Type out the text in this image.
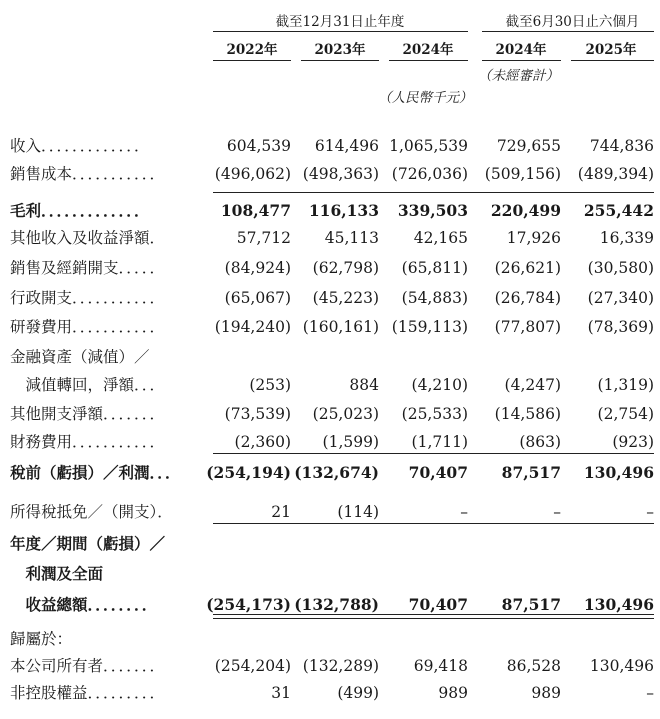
截至12月31日止年度	截至6月30日止六個月
2022年	2023年	2024年	2024年	2025年
（未經審計）
（人民幣千元）
收入．．．．．．．．．．．．．	604,539 614,496 1,065,539 729,655 744,836
銷售成本．．．．．．．．．．．	(496,062) (498,363) (726,036) (509,156) (489,394)
毛利．．．．．．．．．．．．．	108,477 116,133 339,503 220,499 255,442
其他收入及收益淨額．	57,712 45,113 42,165	17,926	16,339
銷售及經銷開支．．．．．	(84,924) (62,798) (65,811) (26,621) (30,580)
行政開支．．．．．．．．．．．	(65,067) (45,223) (54,883) (26,784) (27,340)
研發費用．．．．．．．．．．．	(194,240) (160,161) (159,113) (77,807) (78,369)
金融資產（減值）／
　減值轉回，淨額．．．	(253)	884 (4,210) (4,247) (1,319)
其他開支淨額．．．．．．．	(73,539) (25,023) (25,533) (14,586) (2,754)
財務費用．．．．．．．．．．．	(2,360) (1,599) (1,711)	(863)	(923)
稅前（虧損）／利潤．．． (254,194) (132,674) 70,407 87,517 130,496
所得稅抵免／（開支）．	21	(114)	–	–	–
年度／期間（虧損）／
　利潤及全面
　收益總額．．．．．．．．	(254,173) (132,788) 70,407 87,517 130,496
歸屬於：
本公司所有者．．．．．．．	(254,204) (132,289) 69,418	86,528 130,496
非控股權益．．．．．．．．．	31	(499)	989	989	–
